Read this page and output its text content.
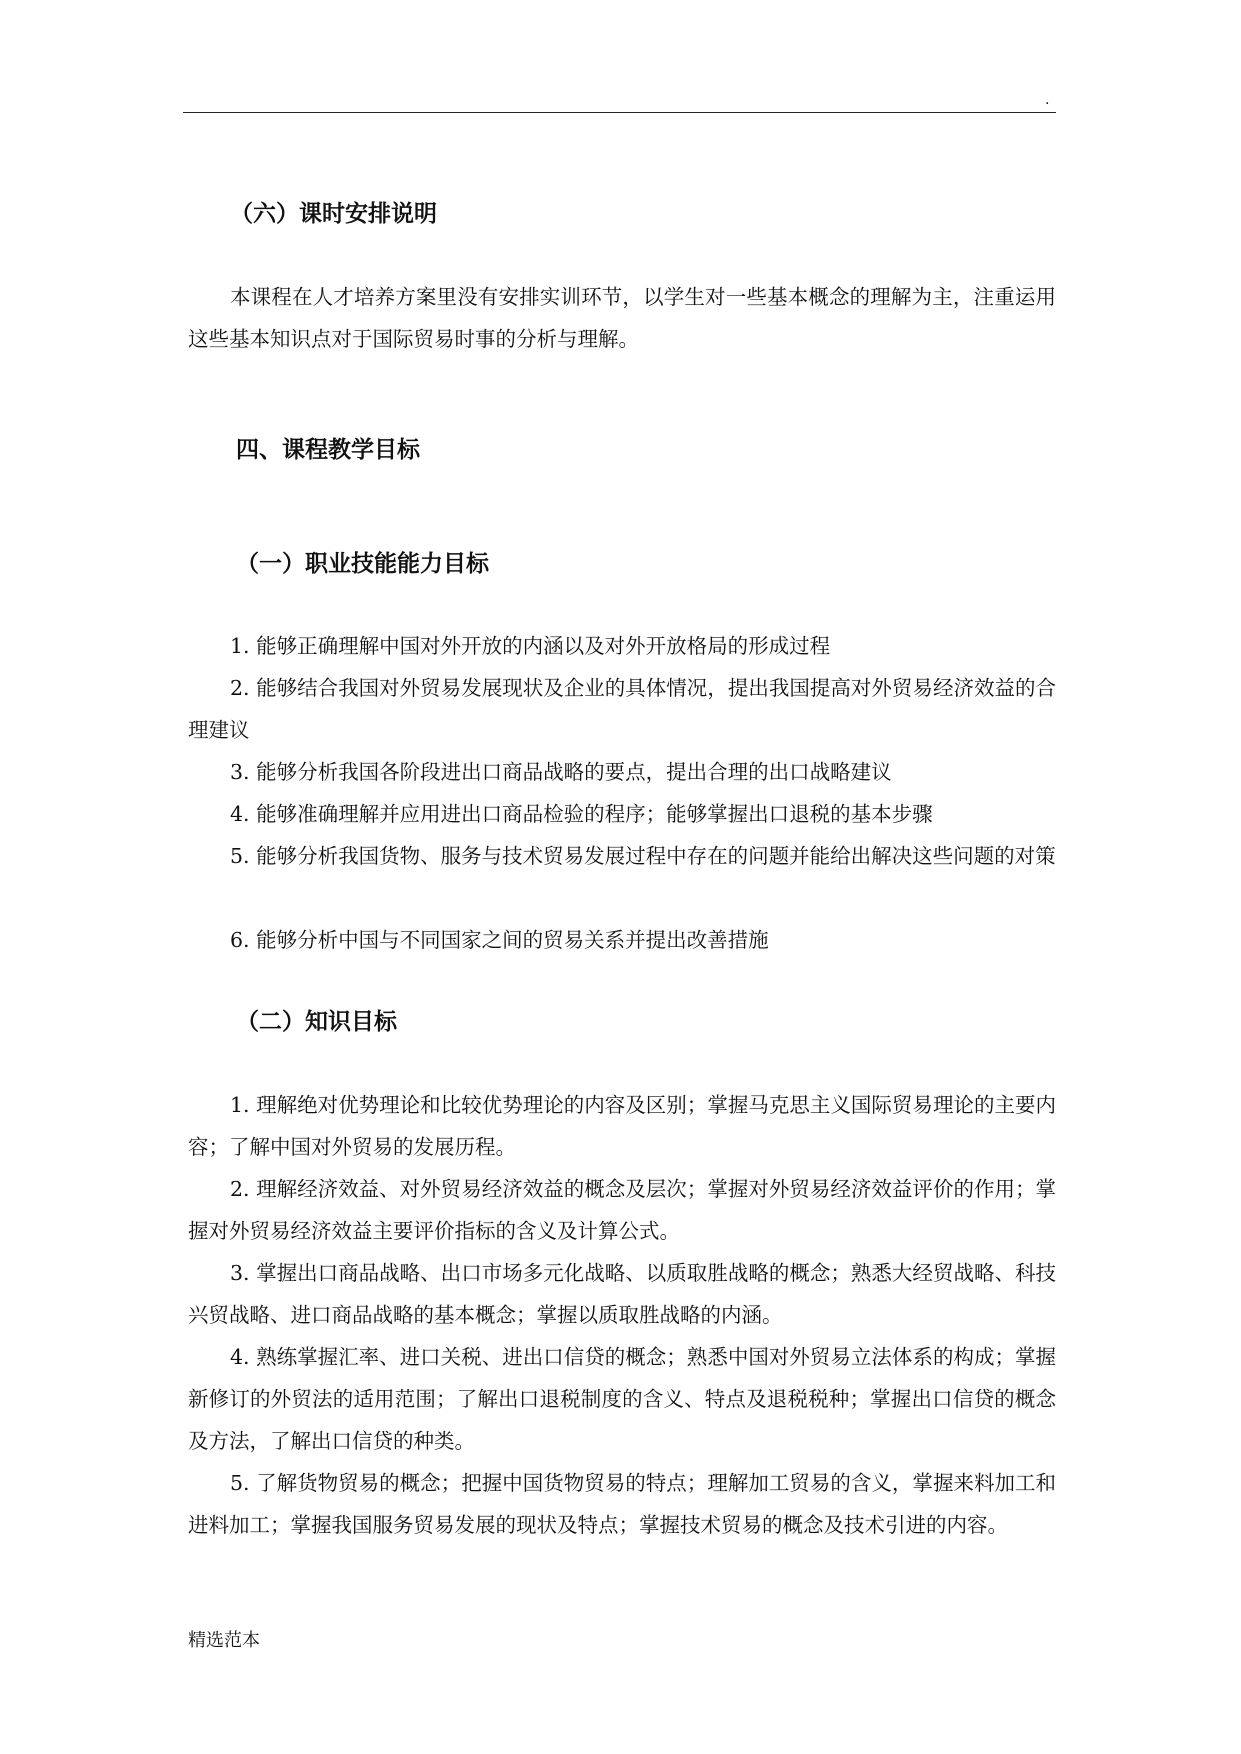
.
（六）课时安排说明

本课程在人才培养方案里没有安排实训环节，以学生对一些基本概念的理解为主，注重运用这些基本知识点对于国际贸易时事的分析与理解。

四、课程教学目标
（一）职业技能能力目标

1. 能够正确理解中国对外开放的内涵以及对外开放格局的形成过程

2. 能够结合我国对外贸易发展现状及企业的具体情况，提出我国提高对外贸易经济效益的合理建议

3. 能够分析我国各阶段进出口商品战略的要点，提出合理的出口战略建议

4. 能够准确理解并应用进出口商品检验的程序；能够掌握出口退税的基本步骤

5. 能够分析我国货物、服务与技术贸易发展过程中存在的问题并能给出解决这些问题的对策

6. 能够分析中国与不同国家之间的贸易关系并提出改善措施

（二）知识目标

1. 理解绝对优势理论和比较优势理论的内容及区别；掌握马克思主义国际贸易理论的主要内容；了解中国对外贸易的发展历程。

2. 理解经济效益、对外贸易经济效益的概念及层次；掌握对外贸易经济效益评价的作用；掌握对外贸易经济效益主要评价指标的含义及计算公式。

3. 掌握出口商品战略、出口市场多元化战略、以质取胜战略的概念；熟悉大经贸战略、科技兴贸战略、进口商品战略的基本概念；掌握以质取胜战略的内涵。

4. 熟练掌握汇率、进口关税、进出口信贷的概念；熟悉中国对外贸易立法体系的构成；掌握新修订的外贸法的适用范围；了解出口退税制度的含义、特点及退税税种；掌握出口信贷的概念及方法，了解出口信贷的种类。

5. 了解货物贸易的概念；把握中国货物贸易的特点；理解加工贸易的含义，掌握来料加工和进料加工；掌握我国服务贸易发展的现状及特点；掌握技术贸易的概念及技术引进的内容。

精选范本
